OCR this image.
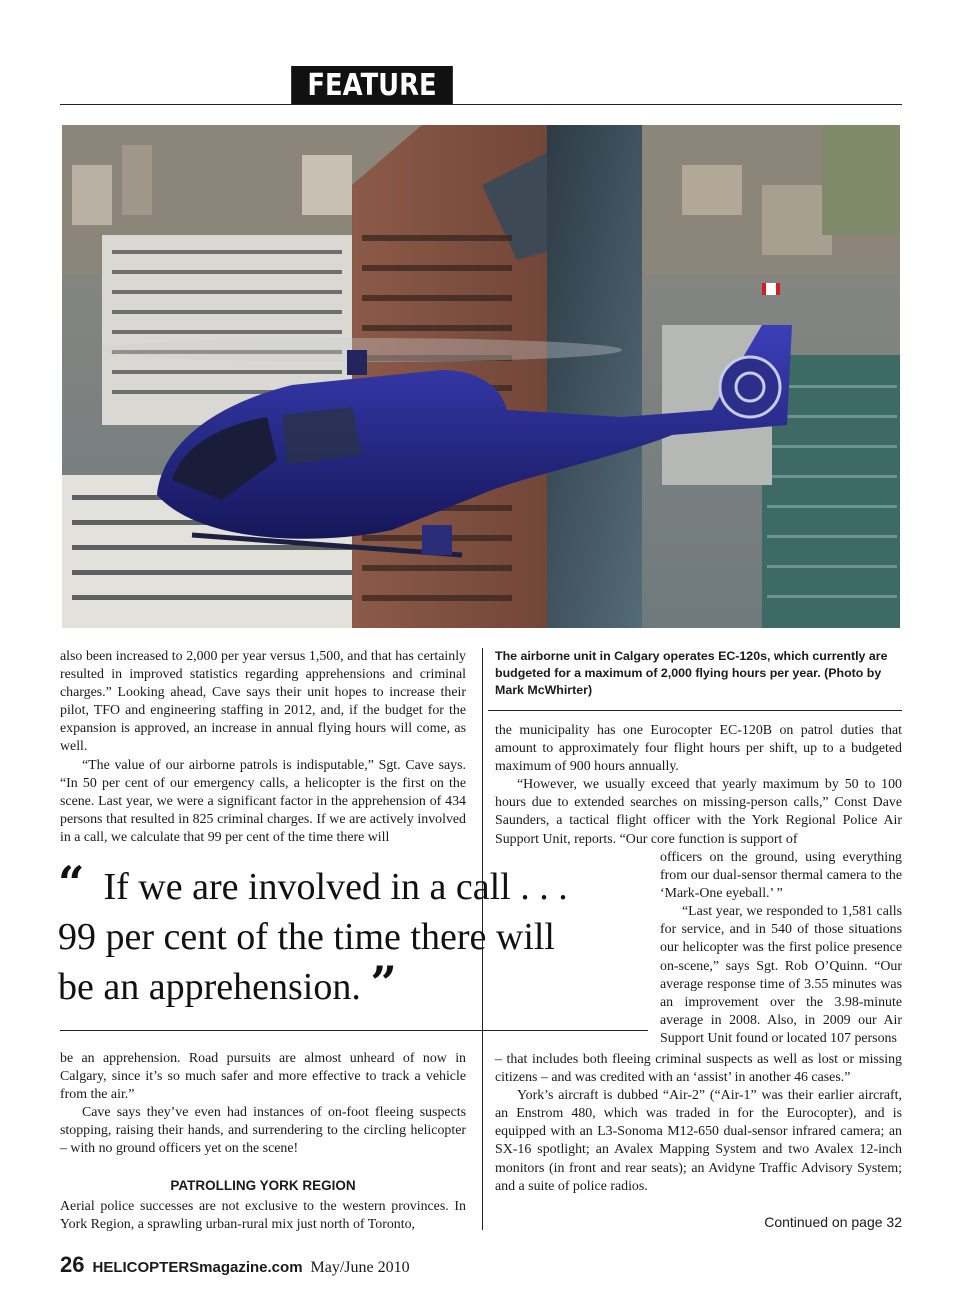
FEATURE
The airborne unit in Calgary operates EC-120s, which currently are budgeted for a maximum of 2,000 flying hours per year. (Photo by Mark McWhirter)

also been increased to 2,000 per year versus 1,500, and that has certainly resulted in improved statistics regarding apprehensions and criminal charges.” Looking ahead, Cave says their unit hopes to increase their pilot, TFO and engineering staffing in 2012, and, if the budget for the expansion is approved, an increase in annual flying hours will come, as well.

“The value of our airborne patrols is indisputable,” Sgt. Cave says. “In 50 per cent of our emergency calls, a helicopter is the first on the scene. Last year, we were a significant factor in the apprehension of 434 persons that resulted in 825 criminal charges. If we are actively involved in a call, we calculate that 99 per cent of the time there will

“ If we are involved in a call . . .
99 per cent of the time there will
be an apprehension. ”

be an apprehension. Road pursuits are almost unheard of now in Calgary, since it’s so much safer and more effective to track a vehicle from the air.”

Cave says they’ve even had instances of on-foot fleeing suspects stopping, raising their hands, and surrendering to the circling helicopter – with no ground officers yet on the scene!

PATROLLING YORK REGION

Aerial police successes are not exclusive to the western provinces. In York Region, a sprawling urban-rural mix just north of Toronto,

the municipality has one Eurocopter EC-120B on patrol duties that amount to approximately four flight hours per shift, up to a budgeted maximum of 900 hours annually.

“However, we usually exceed that yearly maximum by 50 to 100 hours due to extended searches on missing-person calls,” Const Dave Saunders, a tactical flight officer with the York Regional Police Air Support Unit, reports. “Our core function is support of

officers on the ground, using everything from our dual-sensor thermal camera to the ‘Mark-One eyeball.’ ”

“Last year, we responded to 1,581 calls for service, and in 540 of those situations our helicopter was the first police presence on-scene,” says Sgt. Rob O’Quinn. “Our average response time of 3.55 minutes was an improvement over the 3.98-minute average in 2008. Also, in 2009 our Air Support Unit found or located 107 persons

– that includes both fleeing criminal suspects as well as lost or missing citizens – and was credited with an ‘assist’ in another 46 cases.”

York’s aircraft is dubbed “Air-2” (“Air-1” was their earlier aircraft, an Enstrom 480, which was traded in for the Eurocopter), and is equipped with an L3-Sonoma M12-650 dual-sensor infrared camera; an SX-16 spotlight; an Avalex Mapping System and two Avalex 12-inch monitors (in front and rear seats); an Avidyne Traffic Advisory System; and a suite of police radios.

Continued on page 32
26 HELICOPTERSmagazine.com May/June 2010
